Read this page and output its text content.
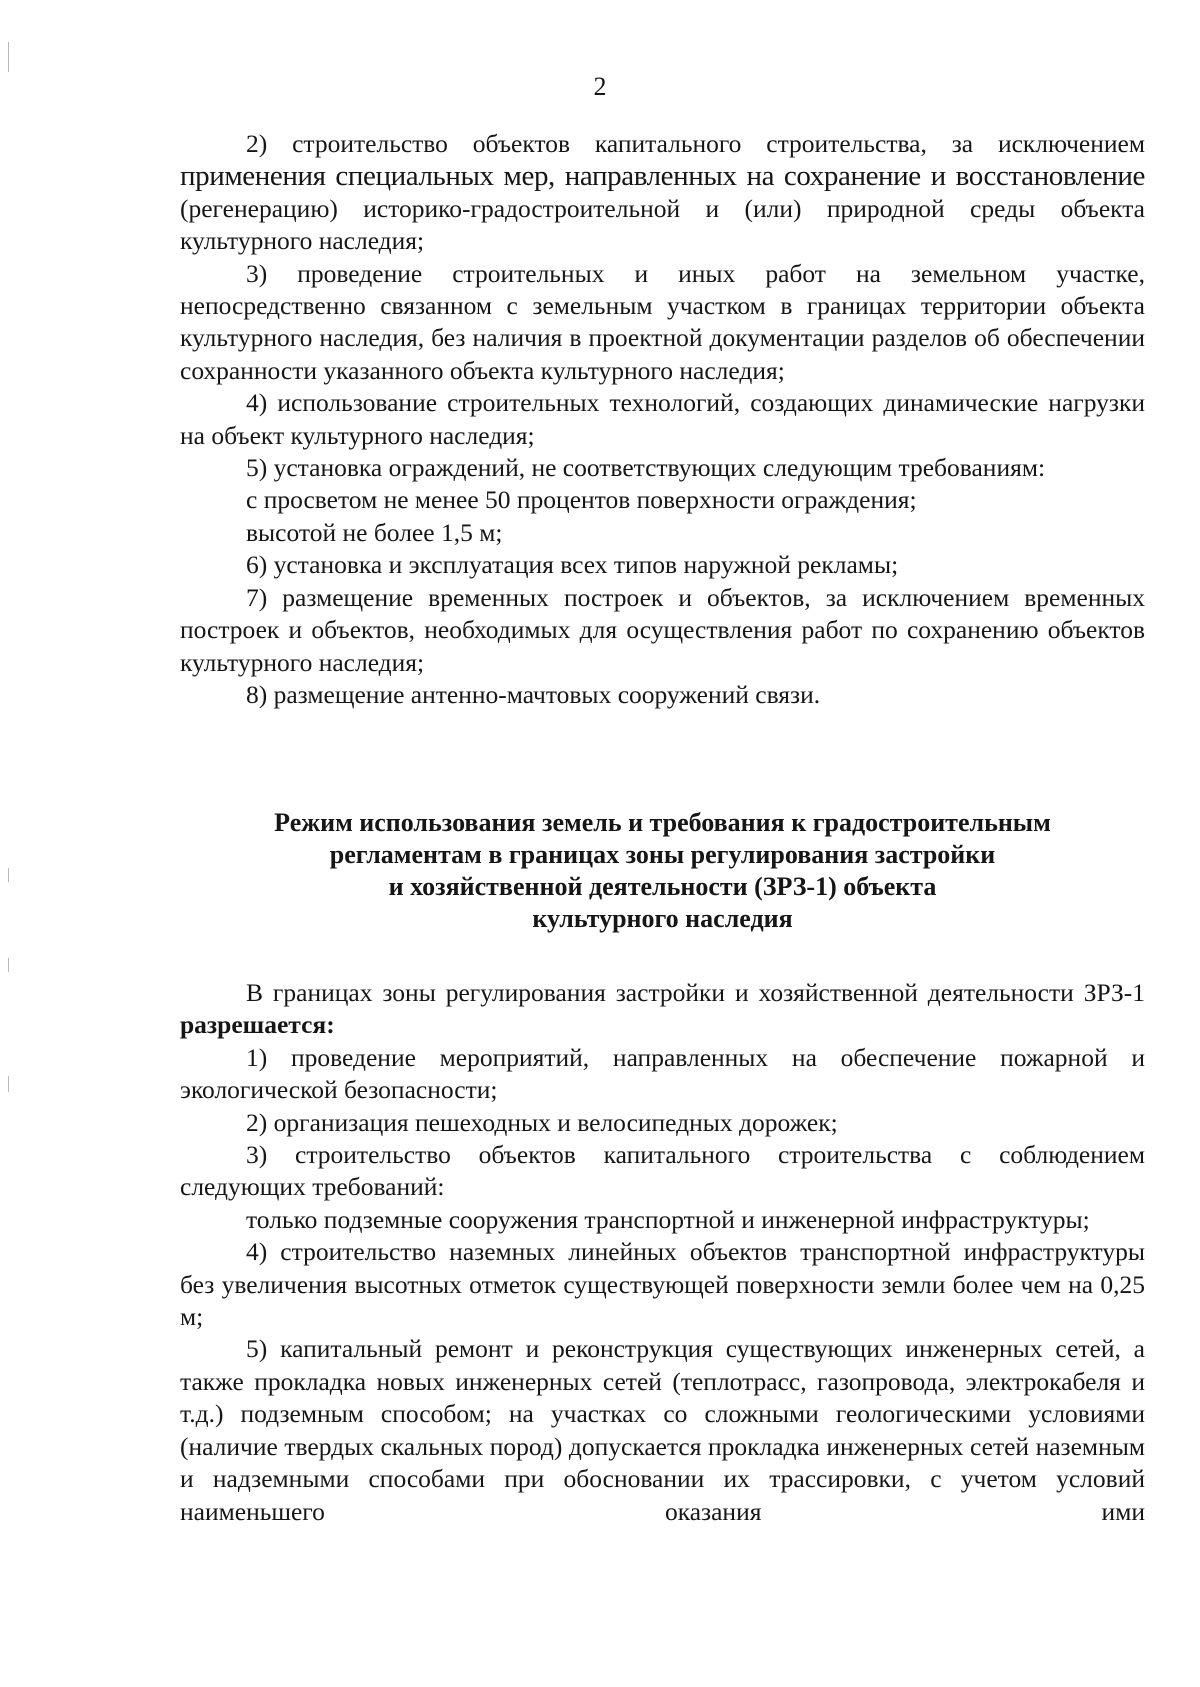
2

2) строительство объектов капитального строительства, за исключением

применения специальных мер, направленных на сохранение и восстановление

(регенерацию) историко-градостроительной и (или) природной среды объекта

культурного наследия;

3) проведение строительных и иных работ на земельном участке, непосредственно связанном с земельным участком в границах территории объекта культурного наследия, без наличия в проектной документации разделов об обеспечении сохранности указанного объекта культурного наследия;

4) использование строительных технологий, создающих динамические нагрузки на объект культурного наследия;

5) установка ограждений, не соответствующих следующим требованиям:

с просветом не менее 50 процентов поверхности ограждения;

высотой не более 1,5 м;

6) установка и эксплуатация всех типов наружной рекламы;

7) размещение временных построек и объектов, за исключением временных построек и объектов, необходимых для осуществления работ по сохранению объектов культурного наследия;

8) размещение антенно-мачтовых сооружений связи.

Режим использования земель и требования к градостроительным
регламентам в границах зоны регулирования застройки
и хозяйственной деятельности (ЗРЗ-1) объекта
культурного наследия

В границах зоны регулирования застройки и хозяйственной деятельности ЗРЗ-1 разрешается:

1) проведение мероприятий, направленных на обеспечение пожарной и экологической безопасности;

2) организация пешеходных и велосипедных дорожек;

3) строительство объектов капитального строительства с соблюдением следующих требований:

только подземные сооружения транспортной и инженерной инфраструктуры;

4) строительство наземных линейных объектов транспортной инфраструктуры без увеличения высотных отметок существующей поверхности земли более чем на 0,25 м;

5) капитальный ремонт и реконструкция существующих инженерных сетей, а также прокладка новых инженерных сетей (теплотрасс, газопровода, электрокабеля и т.д.) подземным способом; на участках со сложными геологическими условиями (наличие твердых скальных пород) допускается прокладка инженерных сетей наземным и надземными способами при обосновании их трассировки, с учетом условий наименьшего оказания ими
